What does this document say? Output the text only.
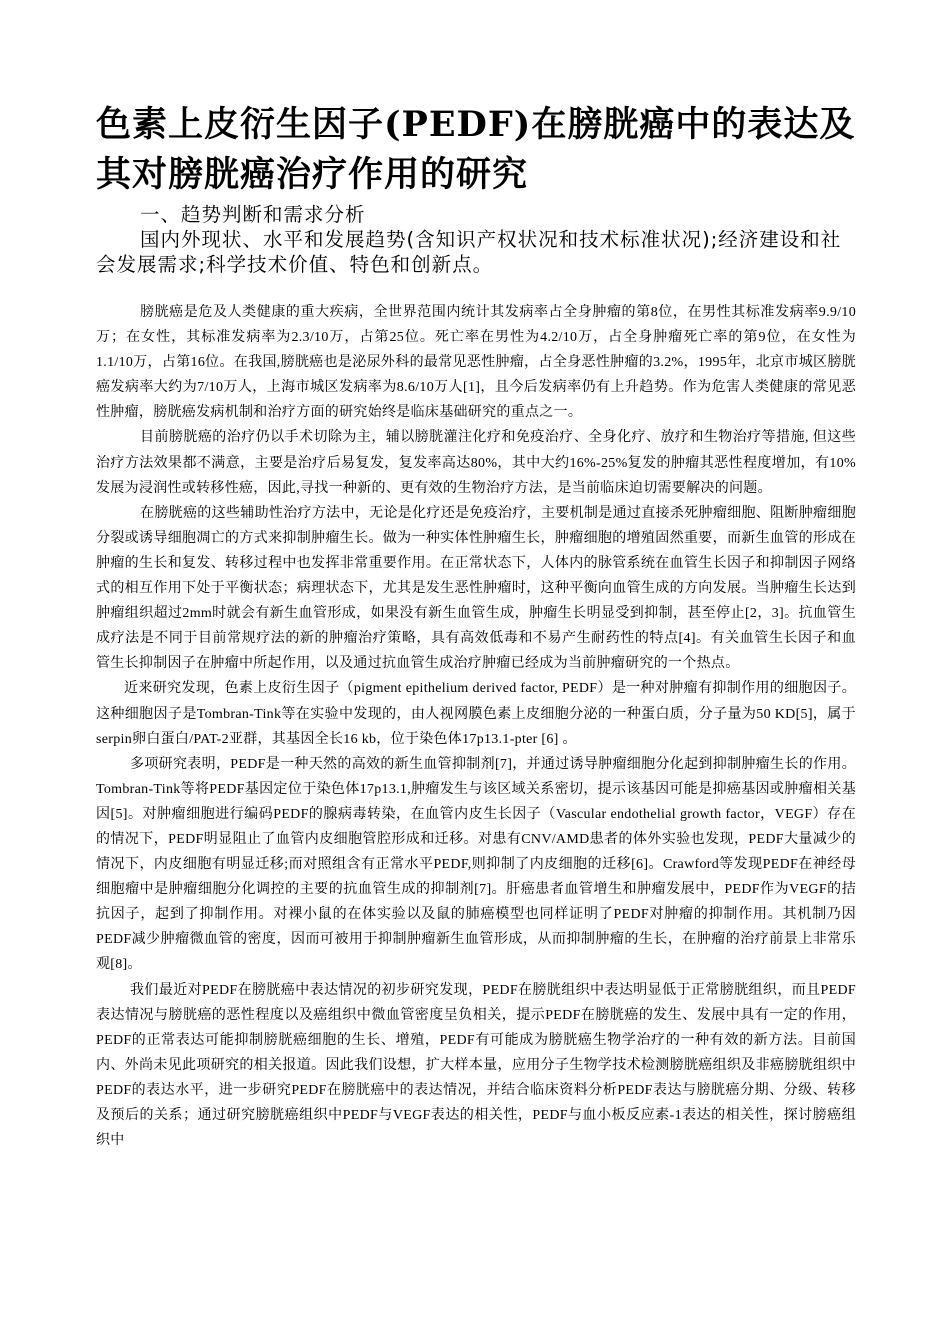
色素上皮衍生因子(PEDF)在膀胱癌中的表达及其对膀胱癌治疗作用的研究

一、趋势判断和需求分析

国内外现状、水平和发展趋势(含知识产权状况和技术标准状况);经济建设和社会发展需求;科学技术价值、特色和创新点。

膀胱癌是危及人类健康的重大疾病，全世界范围内统计其发病率占全身肿瘤的第8位，在男性其标准发病率9.9/10万；在女性，其标准发病率为2.3/10万，占第25位。死亡率在男性为4.2/10万，占全身肿瘤死亡率的第9位，在女性为1.1/10万，占第16位。在我国,膀胱癌也是泌尿外科的最常见恶性肿瘤，占全身恶性肿瘤的3.2%，1995年，北京市城区膀胱癌发病率大约为7/10万人，上海市城区发病率为8.6/10万人[1]，且今后发病率仍有上升趋势。作为危害人类健康的常见恶性肿瘤，膀胱癌发病机制和治疗方面的研究始终是临床基础研究的重点之一。

目前膀胱癌的治疗仍以手术切除为主，辅以膀胱灌注化疗和免疫治疗、全身化疗、放疗和生物治疗等措施, 但这些治疗方法效果都不满意，主要是治疗后易复发，复发率高达80%，其中大约16%-25%复发的肿瘤其恶性程度增加，有10%发展为浸润性或转移性癌，因此,寻找一种新的、更有效的生物治疗方法，是当前临床迫切需要解决的问题。

在膀胱癌的这些辅助性治疗方法中，无论是化疗还是免疫治疗，主要机制是通过直接杀死肿瘤细胞、阻断肿瘤细胞分裂或诱导细胞凋亡的方式来抑制肿瘤生长。做为一种实体性肿瘤生长，肿瘤细胞的增殖固然重要，而新生血管的形成在肿瘤的生长和复发、转移过程中也发挥非常重要作用。在正常状态下，人体内的脉管系统在血管生长因子和抑制因子网络式的相互作用下处于平衡状态；病理状态下，尤其是发生恶性肿瘤时，这种平衡向血管生成的方向发展。当肿瘤生长达到肿瘤组织超过2mm时就会有新生血管形成，如果没有新生血管生成，肿瘤生长明显受到抑制，甚至停止[2，3]。抗血管生成疗法是不同于目前常规疗法的新的肿瘤治疗策略，具有高效低毒和不易产生耐药性的特点[4]。有关血管生长因子和血管生长抑制因子在肿瘤中所起作用，以及通过抗血管生成治疗肿瘤已经成为当前肿瘤研究的一个热点。

近来研究发现，色素上皮衍生因子（pigment epithelium derived factor, PEDF）是一种对肿瘤有抑制作用的细胞因子。这种细胞因子是Tombran-Tink等在实验中发现的，由人视网膜色素上皮细胞分泌的一种蛋白质，分子量为50 KD[5]，属于serpin卵白蛋白/PAT-2亚群，其基因全长16 kb，位于染色体17p13.1-pter [6] 。

多项研究表明，PEDF是一种天然的高效的新生血管抑制剂[7]，并通过诱导肿瘤细胞分化起到抑制肿瘤生长的作用。Tombran-Tink等将PEDF基因定位于染色体17p13.1,肿瘤发生与该区域关系密切，提示该基因可能是抑癌基因或肿瘤相关基因[5]。对肿瘤细胞进行编码PEDF的腺病毒转染，在血管内皮生长因子（Vascular endothelial growth factor，VEGF）存在的情况下，PEDF明显阻止了血管内皮细胞管腔形成和迁移。对患有CNV/AMD患者的体外实验也发现，PEDF大量减少的情况下，内皮细胞有明显迁移;而对照组含有正常水平PEDF,则抑制了内皮细胞的迁移[6]。Crawford等发现PEDF在神经母细胞瘤中是肿瘤细胞分化调控的主要的抗血管生成的抑制剂[7]。肝癌患者血管增生和肿瘤发展中，PEDF作为VEGF的拮抗因子，起到了抑制作用。对裸小鼠的在体实验以及鼠的肺癌模型也同样证明了PEDF对肿瘤的抑制作用。其机制乃因PEDF减少肿瘤微血管的密度，因而可被用于抑制肿瘤新生血管形成，从而抑制肿瘤的生长，在肿瘤的治疗前景上非常乐观[8]。

我们最近对PEDF在膀胱癌中表达情况的初步研究发现，PEDF在膀胱组织中表达明显低于正常膀胱组织，而且PEDF表达情况与膀胱癌的恶性程度以及癌组织中微血管密度呈负相关，提示PEDF在膀胱癌的发生、发展中具有一定的作用，PEDF的正常表达可能抑制膀胱癌细胞的生长、增殖，PEDF有可能成为膀胱癌生物学治疗的一种有效的新方法。目前国内、外尚未见此项研究的相关报道。因此我们设想，扩大样本量，应用分子生物学技术检测膀胱癌组织及非癌膀胱组织中PEDF的表达水平，进一步研究PEDF在膀胱癌中的表达情况，并结合临床资料分析PEDF表达与膀胱癌分期、分级、转移及预后的关系；通过研究膀胱癌组织中PEDF与VEGF表达的相关性，PEDF与血小板反应素-1表达的相关性，探讨膀癌组织中
